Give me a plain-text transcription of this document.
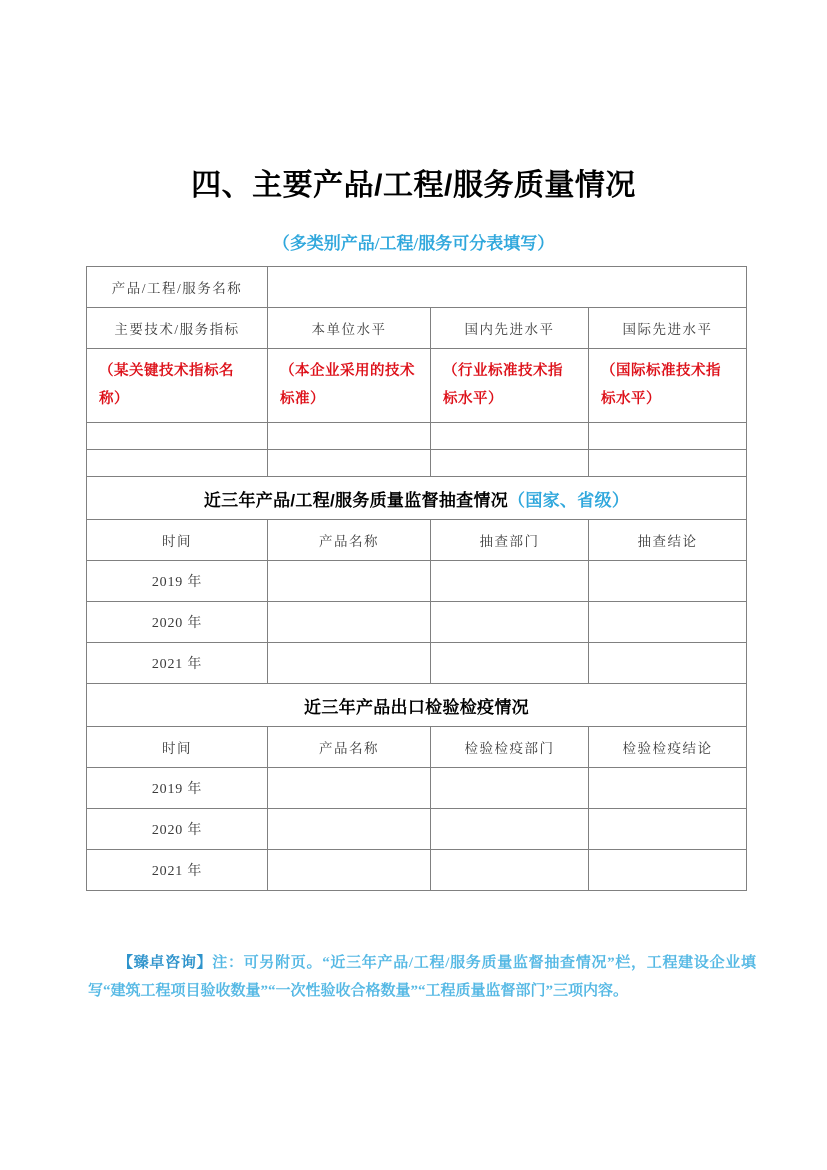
四、主要产品/工程/服务质量情况
（多类别产品/工程/服务可分表填写）
产品/工程/服务名称			
主要技术/服务指标	本单位水平	国内先进水平	国际先进水平
（某关键技术指标名称）	（本企业采用的技术标准）	（行业标准技术指标水平）	（国际标准技术指标水平）

近三年产品/工程/服务质量监督抽查情况（国家、省级）			
时间	产品名称	抽查部门	抽查结论
2019 年			
2020 年			
2021 年			
近三年产品出口检验检疫情况			
时间	产品名称	检验检疫部门	检验检疫结论
2019 年			
2020 年			
2021 年			
【臻卓咨询】注：可另附页。“近三年产品/工程/服务质量监督抽查情况”栏，工程建设企业填写“建筑工程项目验收数量”“一次性验收合格数量”“工程质量监督部门”三项内容。
